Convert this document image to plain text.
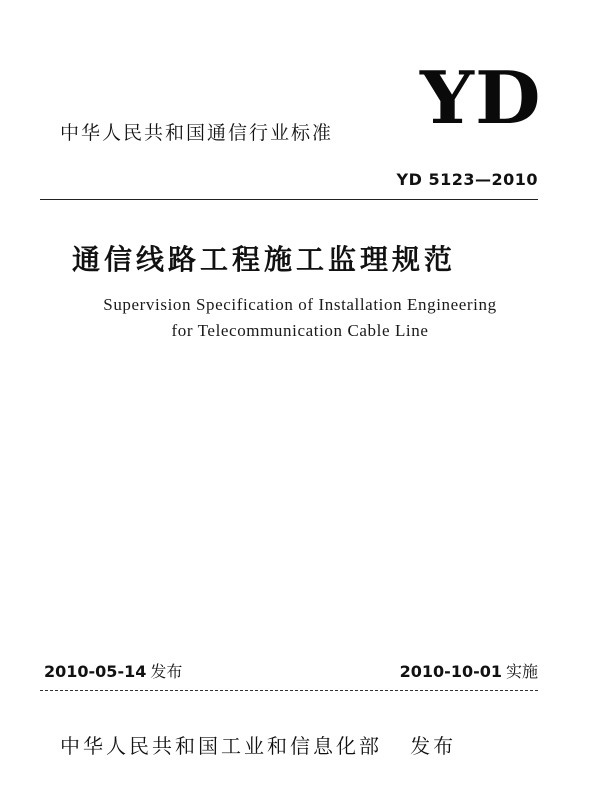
YD
中华人民共和国通信行业标准
YD 5123—2010
通信线路工程施工监理规范
Supervision Specification of Installation Engineering
for Telecommunication Cable Line
2010-05-14 发布	2010-10-01 实施
中华人民共和国工业和信息化部   发布
